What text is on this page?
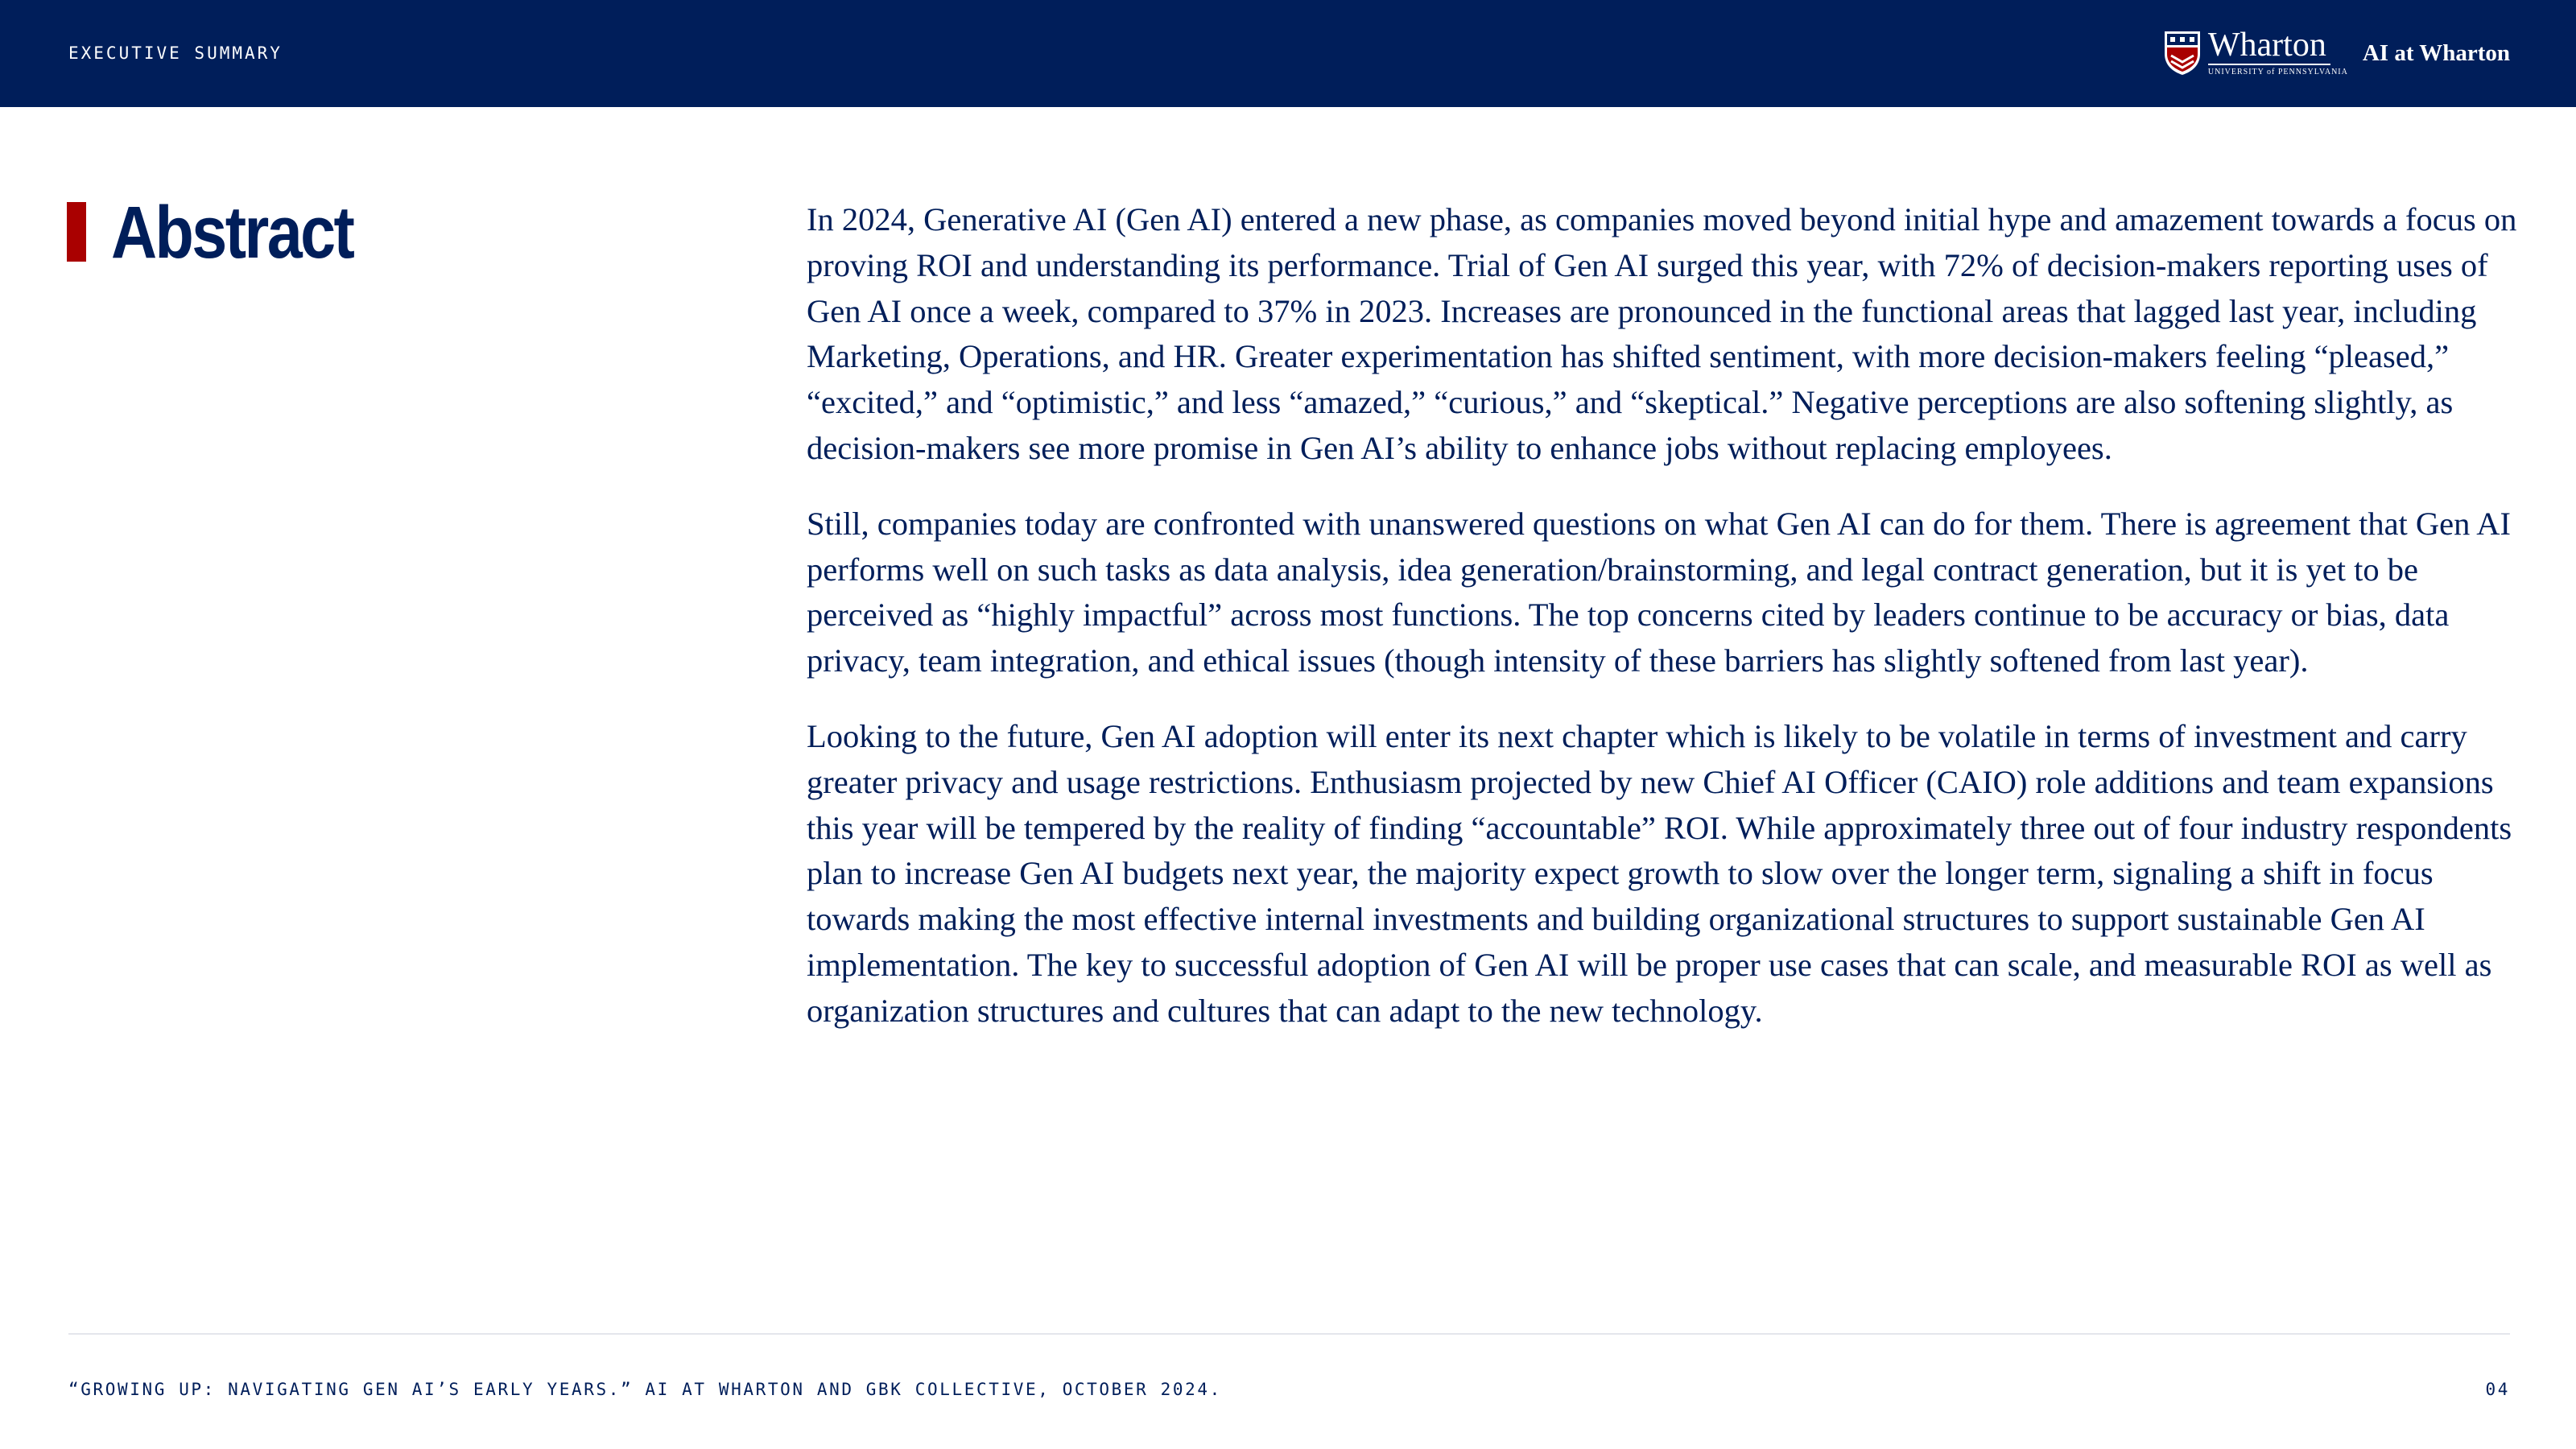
EXECUTIVE SUMMARY	Wharton
UNIVERSITY of PENNSYLVANIA
AI at Wharton
Abstract	In 2024, Generative AI (Gen AI) entered a new phase, as companies moved beyond initial hype and amazement towards a focus on proving ROI and understanding its performance. Trial of Gen AI surged this year, with 72% of decision-makers reporting uses of Gen AI once a week, compared to 37% in 2023. Increases are pronounced in the functional areas that lagged last year, including Marketing, Operations, and HR. Greater experimentation has shifted sentiment, with more decision-makers feeling “pleased,” “excited,” and “optimistic,” and less “amazed,” “curious,” and “skeptical.” Negative perceptions are also softening slightly, as decision-makers see more promise in Gen AI’s ability to enhance jobs without replacing employees.

Still, companies today are confronted with unanswered questions on what Gen AI can do for them. There is agreement that Gen AI performs well on such tasks as data analysis, idea generation/brainstorming, and legal contract generation, but it is yet to be perceived as “highly impactful” across most functions. The top concerns cited by leaders continue to be accuracy or bias, data privacy, team integration, and ethical issues (though intensity of these barriers has slightly softened from last year).

Looking to the future, Gen AI adoption will enter its next chapter which is likely to be volatile in terms of investment and carry greater privacy and usage restrictions. Enthusiasm projected by new Chief AI Officer (CAIO) role additions and team expansions this year will be tempered by the reality of finding “accountable” ROI. While approximately three out of four industry respondents plan to increase Gen AI budgets next year, the majority expect growth to slow over the longer term, signaling a shift in focus towards making the most effective internal investments and building organizational structures to support sustainable Gen AI implementation. The key to successful adoption of Gen AI will be proper use cases that can scale, and measurable ROI as well as organization structures and cultures that can adapt to the new technology.

“GROWING UP: NAVIGATING GEN AI’S EARLY YEARS.” AI AT WHARTON AND GBK COLLECTIVE, OCTOBER 2024.	04
